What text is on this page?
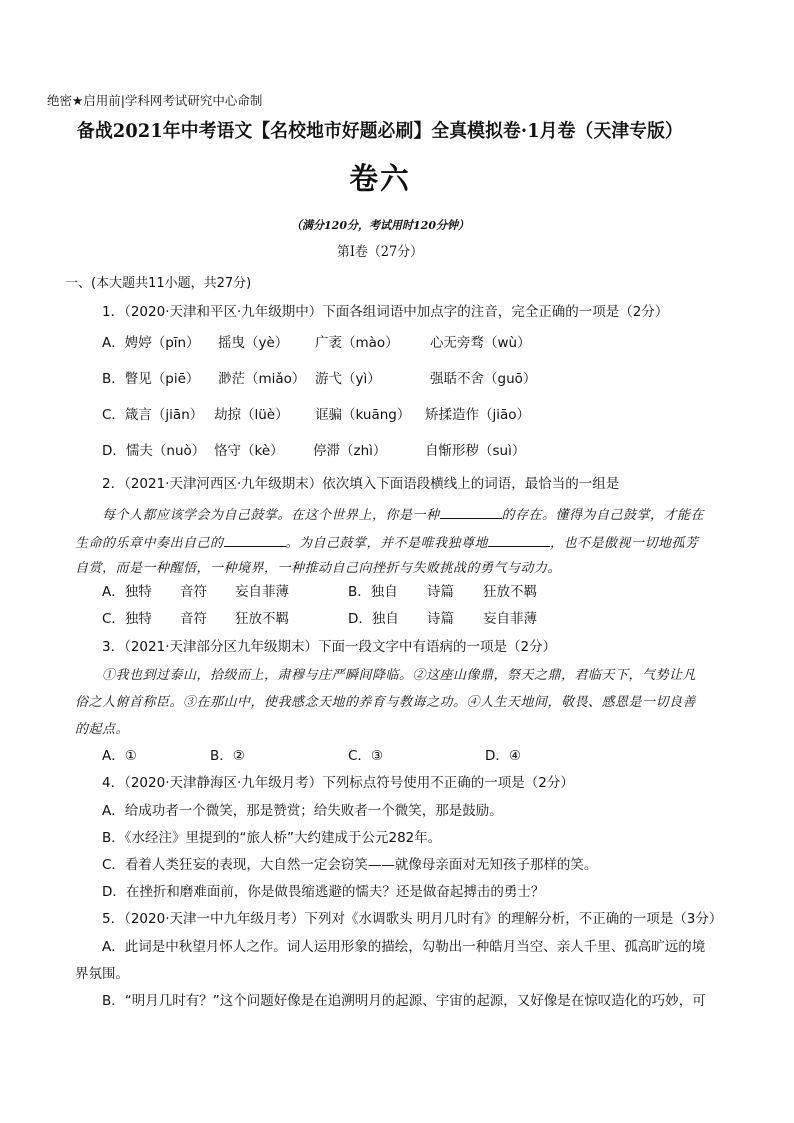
绝密★启用前|学科网考试研究中心命制
备战2021年中考语文【名校地市好题必刷】全真模拟卷·1月卷（天津专版）
卷六
（满分120分，考试用时120分钟）
第Ⅰ卷（27分）
一、(本大题共11小题，共27分)
1．（2020·天津和平区·九年级期中）下面各组词语中加点字的注音，完全正确的一项是（2分）
A．娉婷（pīn） 摇曳（yè） 广袤（mào） 心无旁骛（wù）
B．瞥见（piē） 渺茫（miǎo） 游弋（yì）	强聒不舍（guō）
C．箴言（jiān） 劫掠（lüè） 诓骗（kuāng） 矫揉造作（jiāo）
D．懦夫（nuò） 恪守（kè） 停滞（zhì）	自惭形秽（suì）
2．（2021·天津河西区·九年级期末）依次填入下面语段横线上的词语，最恰当的一组是
每个人都应该学会为自己鼓掌。在这个世界上，你是一种	的存在。懂得为自己鼓掌，才能在
生命的乐章中奏出自己的	。为自己鼓掌，并不是唯我独尊地	，也不是傲视一切地孤芳
自赏，而是一种醒悟，一种境界，一种推动自己向挫折与失败挑战的勇气与动力。
A．独特 音符 妄自菲薄	B．独自 诗篇 狂放不羁
C．独特 音符 狂放不羁	D．独自 诗篇 妄自菲薄
3．（2021·天津部分区九年级期末）下面一段文字中有语病的一项是（2分）
①我也到过泰山，拾级而上，肃穆与庄严瞬间降临。②这座山像鼎，祭天之鼎，君临天下，气势让凡
俗之人俯首称臣。③在那山中，使我感念天地的养育与教诲之功。④人生天地间，敬畏、感恩是一切良善
的起点。
A．①	B．②	C．③	D．④
4．（2020·天津静海区·九年级月考）下列标点符号使用不正确的一项是（2分）
A．给成功者一个微笑，那是赞赏；给失败者一个微笑，那是鼓励。
B．《水经注》里提到的“旅人桥”大约建成于公元282年。
C．看着人类狂妄的表现，大自然一定会窃笑——就像母亲面对无知孩子那样的笑。
D．在挫折和磨难面前，你是做畏缩逃避的懦夫？还是做奋起搏击的勇士？
5．（2020·天津一中九年级月考）下列对《水调歌头 明月几时有》的理解分析，不正确的一项是（3分）
A．此词是中秋望月怀人之作。词人运用形象的描绘，勾勒出一种皓月当空、亲人千里、孤高旷远的境
界氛围。
B．“明月几时有？”这个问题好像是在追溯明月的起源、宇宙的起源，又好像是在惊叹造化的巧妙，可
